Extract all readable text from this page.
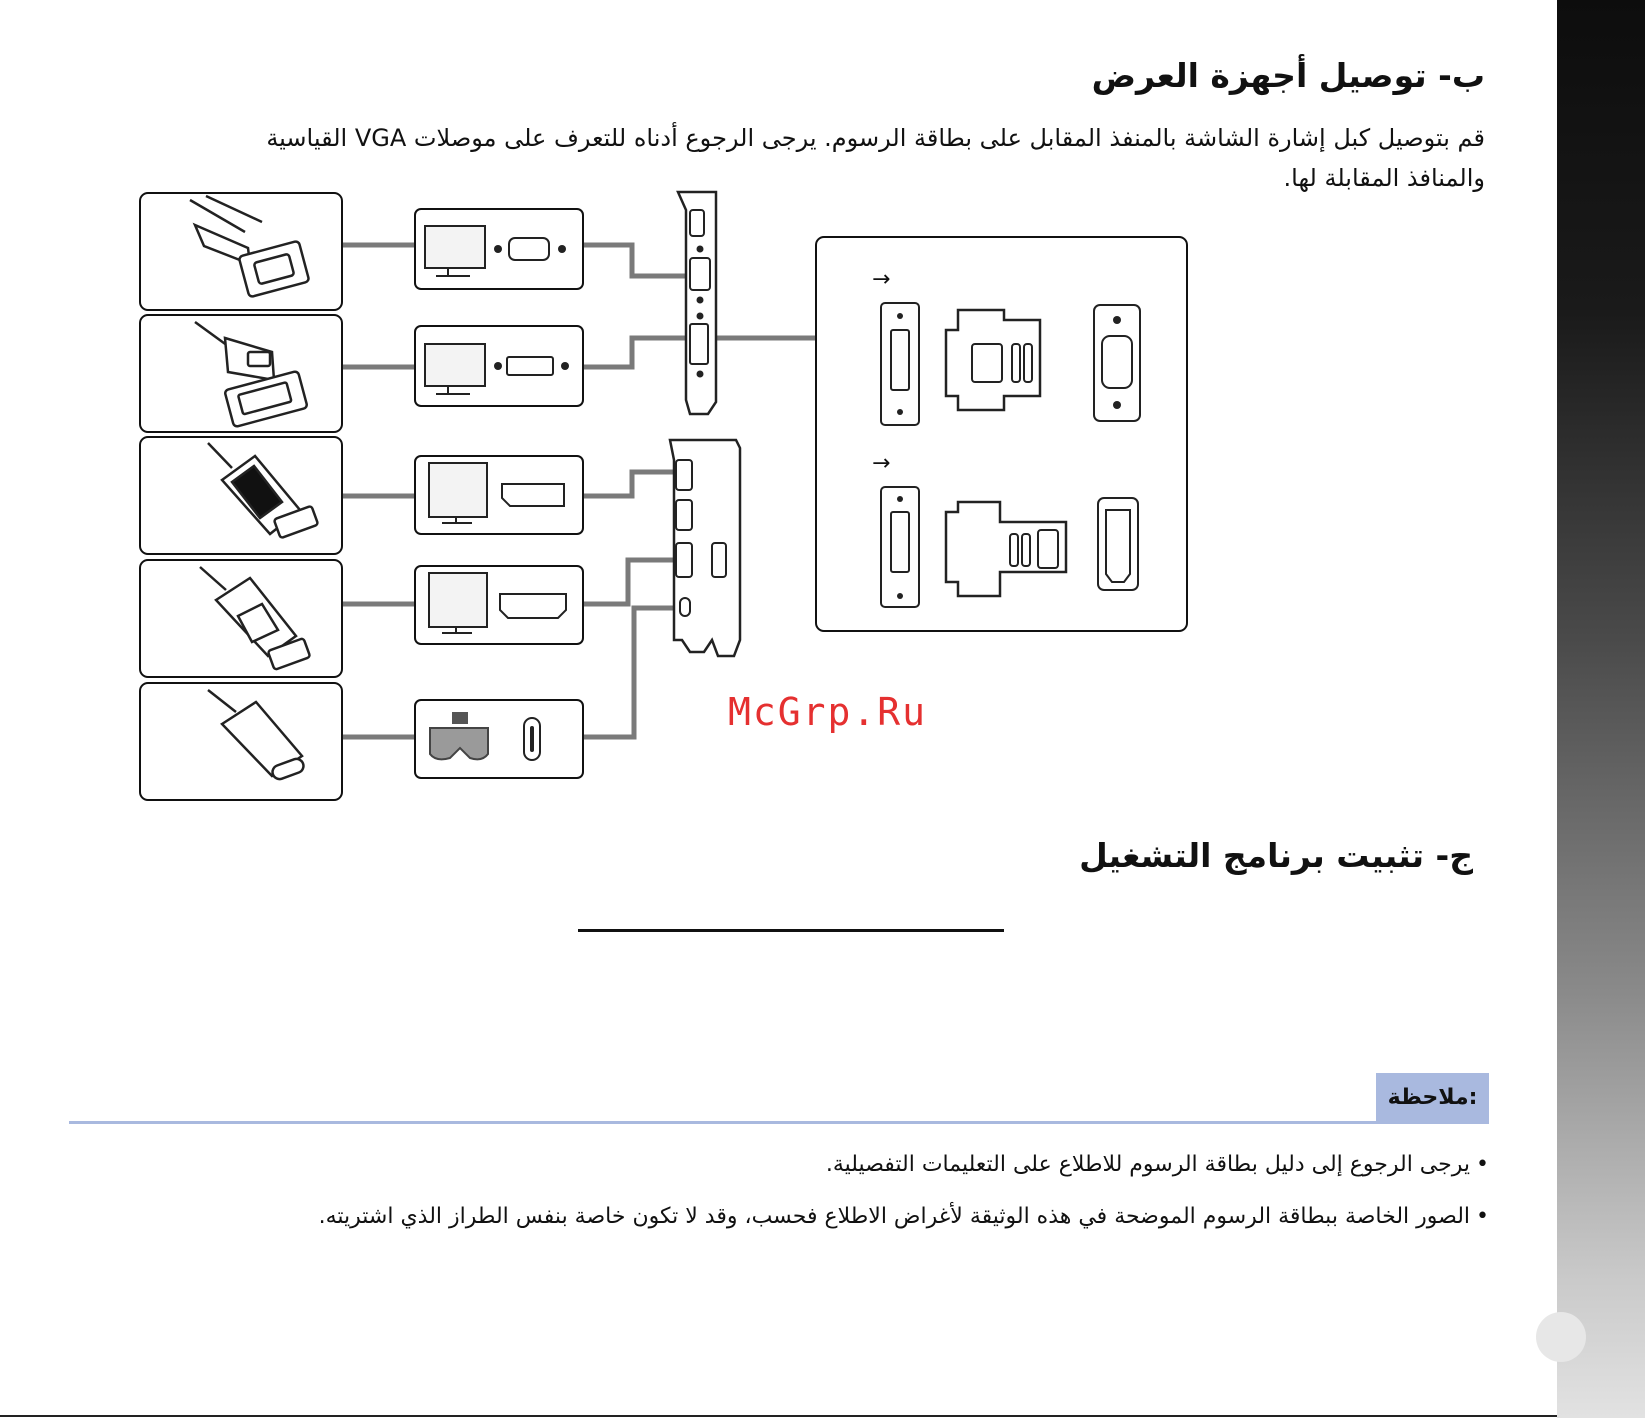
ب- توصيل أجهزة العرض

قم بتوصيل كبل إشارة الشاشة بالمنفذ المقابل على بطاقة الرسوم. يرجى الرجوع أدناه للتعرف على موصلات VGA القياسية والمنافذ المقابلة لها.

→
→
McGrp.Ru
ج- تثبيت برنامج التشغيل
:ملاحظة
• يرجى الرجوع إلى دليل بطاقة الرسوم للاطلاع على التعليمات التفصيلية.
• الصور الخاصة ببطاقة الرسوم الموضحة في هذه الوثيقة لأغراض الاطلاع فحسب، وقد لا تكون خاصة بنفس الطراز الذي اشتريته.
